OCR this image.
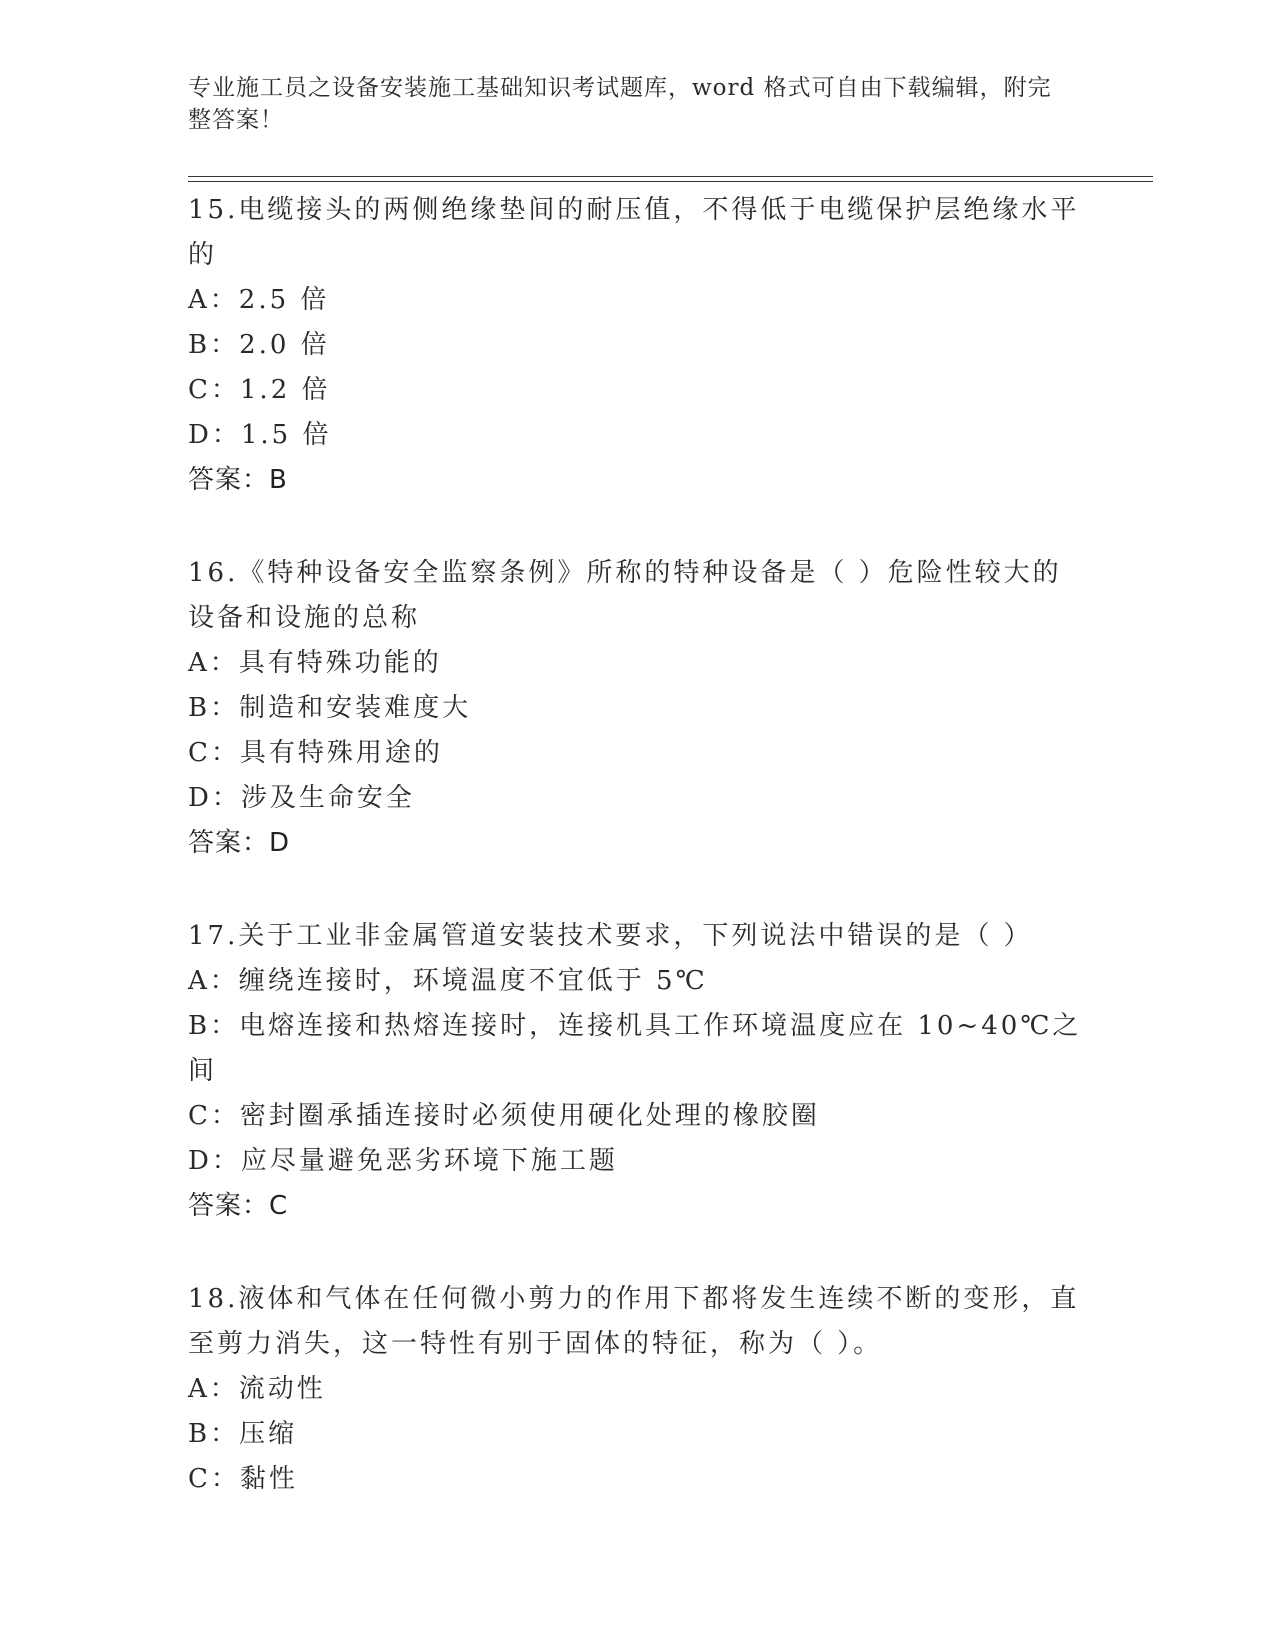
专业施工员之设备安装施工基础知识考试题库，word 格式可自由下载编辑，附完整答案！

15.电缆接头的两侧绝缘垫间的耐压值，不得低于电缆保护层绝缘水平的

A：2.5 倍

B：2.0 倍

C：1.2 倍

D：1.5 倍

答案：B

16.《特种设备安全监察条例》所称的特种设备是（ ）危险性较大的设备和设施的总称

A：具有特殊功能的

B：制造和安装难度大

C：具有特殊用途的

D：涉及生命安全

答案：D

17.关于工业非金属管道安装技术要求，下列说法中错误的是（ ）

A：缠绕连接时，环境温度不宜低于 5℃

B：电熔连接和热熔连接时，连接机具工作环境温度应在 10~40℃之间

C：密封圈承插连接时必须使用硬化处理的橡胶圈

D：应尽量避免恶劣环境下施工题

答案：C

18.液体和气体在任何微小剪力的作用下都将发生连续不断的变形，直至剪力消失，这一特性有别于固体的特征，称为（ ）。

A：流动性

B：压缩

C：黏性
